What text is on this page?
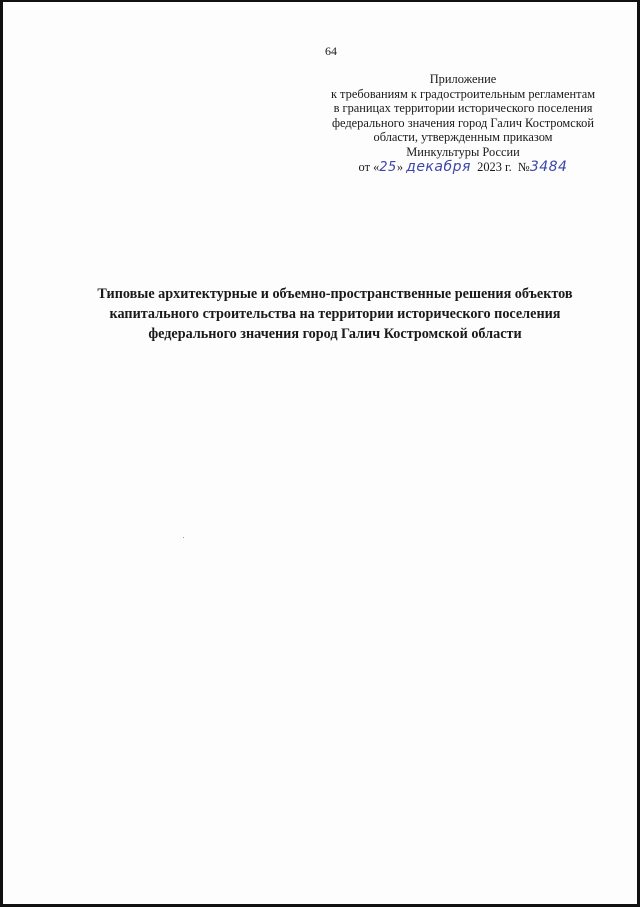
64
Приложение
к требованиям к градостроительным регламентам
в границах территории исторического поселения
федерального значения город Галич Костромской
области, утвержденным приказом
Минкультуры России
от «25» декабря 2023 г. №3484
Типовые архитектурные и объемно-пространственные решения объектов
капитального строительства на территории исторического поселения
федерального значения город Галич Костромской области
